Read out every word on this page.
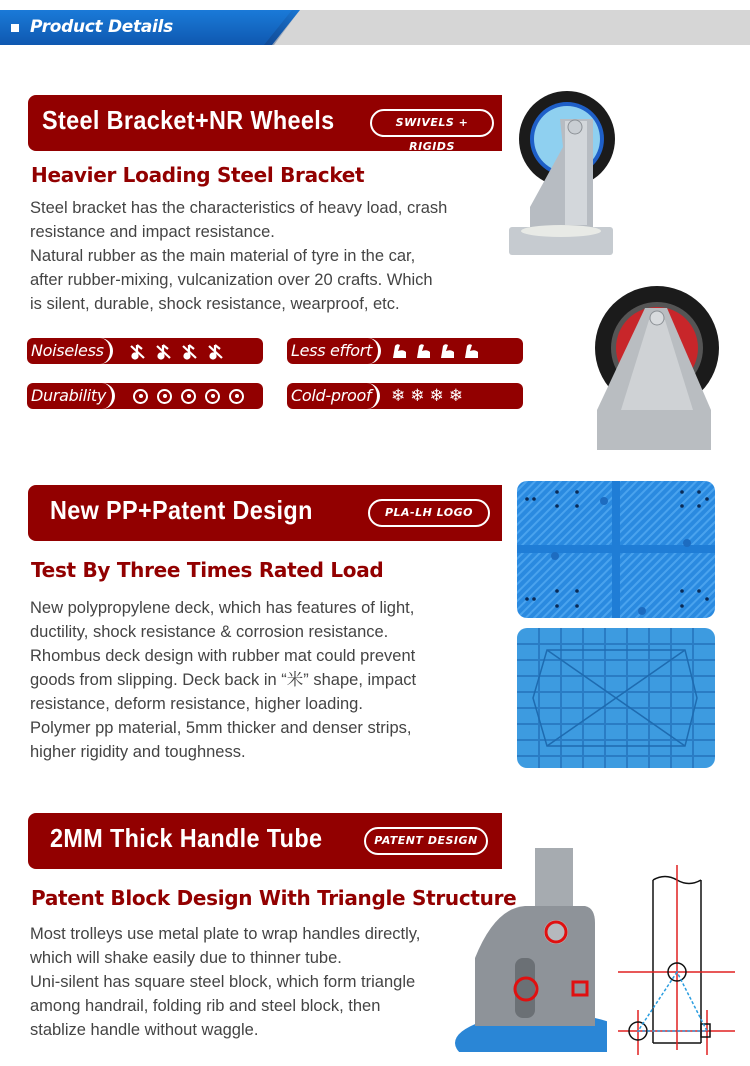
Product Details
Steel Bracket+NR Wheels	SWIVELS + RIGIDS
Heavier Loading Steel Bracket
Steel bracket has the characteristics of heavy load, crash
resistance and impact resistance.
Natural rubber as the main material of tyre in the car,
after rubber-mixing, vulcanization over 20 crafts. Which
is silent, durable, shock resistance, wearproof, etc.
Noiseless	Less effort
Durability	Cold-proof	❄❄❄❄
New PP+Patent Design	PLA-LH LOGO
Test By Three Times Rated Load
New polypropylene deck, which has features of light,
ductility, shock resistance & corrosion resistance.
Rhombus deck design with rubber mat could prevent
goods from slipping. Deck back in “米” shape, impact
resistance, deform resistance, higher loading.
Polymer pp material, 5mm thicker and denser strips,
higher rigidity and toughness.
2MM Thick Handle Tube	PATENT DESIGN
Patent Block Design With Triangle Structure
Most trolleys use metal plate to wrap handles directly,
which will shake easily due to thinner tube.
Uni-silent has square steel block, which form triangle
among handrail, folding rib and steel block, then
stablize handle without waggle.
